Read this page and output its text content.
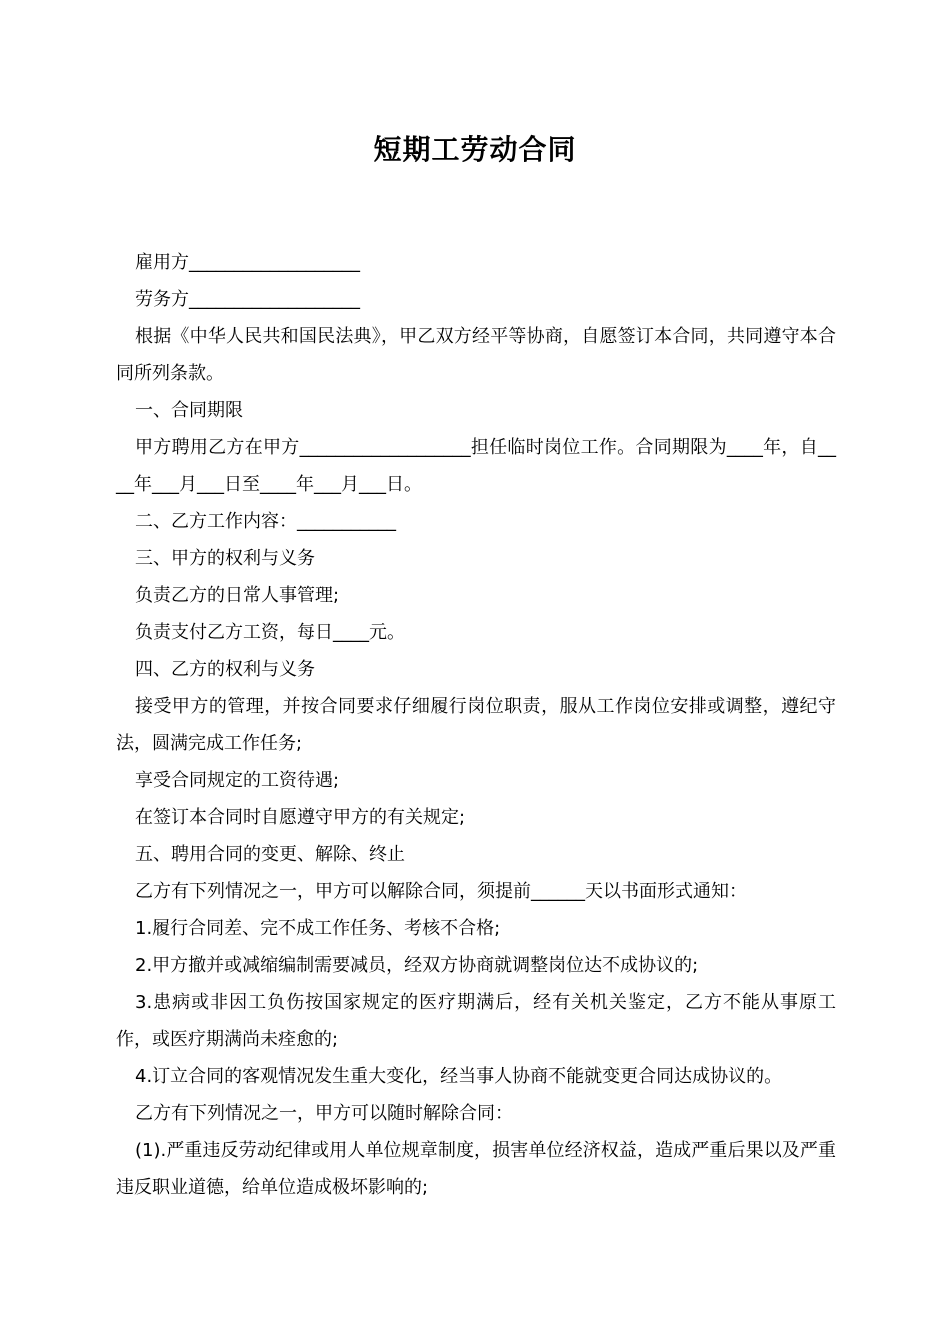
短期工劳动合同

雇用方___________________

劳务方___________________

根据《中华人民共和国民法典》，甲乙双方经平等协商，自愿签订本合同，共同遵守本合同所列条款。

一、合同期限

甲方聘用乙方在甲方___________________担任临时岗位工作。合同期限为____年，自____年___月___日至____年___月___日。

二、乙方工作内容：___________

三、甲方的权利与义务

负责乙方的日常人事管理;

负责支付乙方工资，每日____元。

四、乙方的权利与义务

接受甲方的管理，并按合同要求仔细履行岗位职责，服从工作岗位安排或调整，遵纪守法，圆满完成工作任务;

享受合同规定的工资待遇;

在签订本合同时自愿遵守甲方的有关规定;

五、聘用合同的变更、解除、终止

乙方有下列情况之一，甲方可以解除合同，须提前______天以书面形式通知：

1.履行合同差、完不成工作任务、考核不合格;

2.甲方撤并或减缩编制需要减员，经双方协商就调整岗位达不成协议的;

3.患病或非因工负伤按国家规定的医疗期满后，经有关机关鉴定，乙方不能从事原工作，或医疗期满尚未痊愈的;

4.订立合同的客观情况发生重大变化，经当事人协商不能就变更合同达成协议的。

乙方有下列情况之一，甲方可以随时解除合同：

(1).严重违反劳动纪律或用人单位规章制度，损害单位经济权益，造成严重后果以及严重违反职业道德，给单位造成极坏影响的;
